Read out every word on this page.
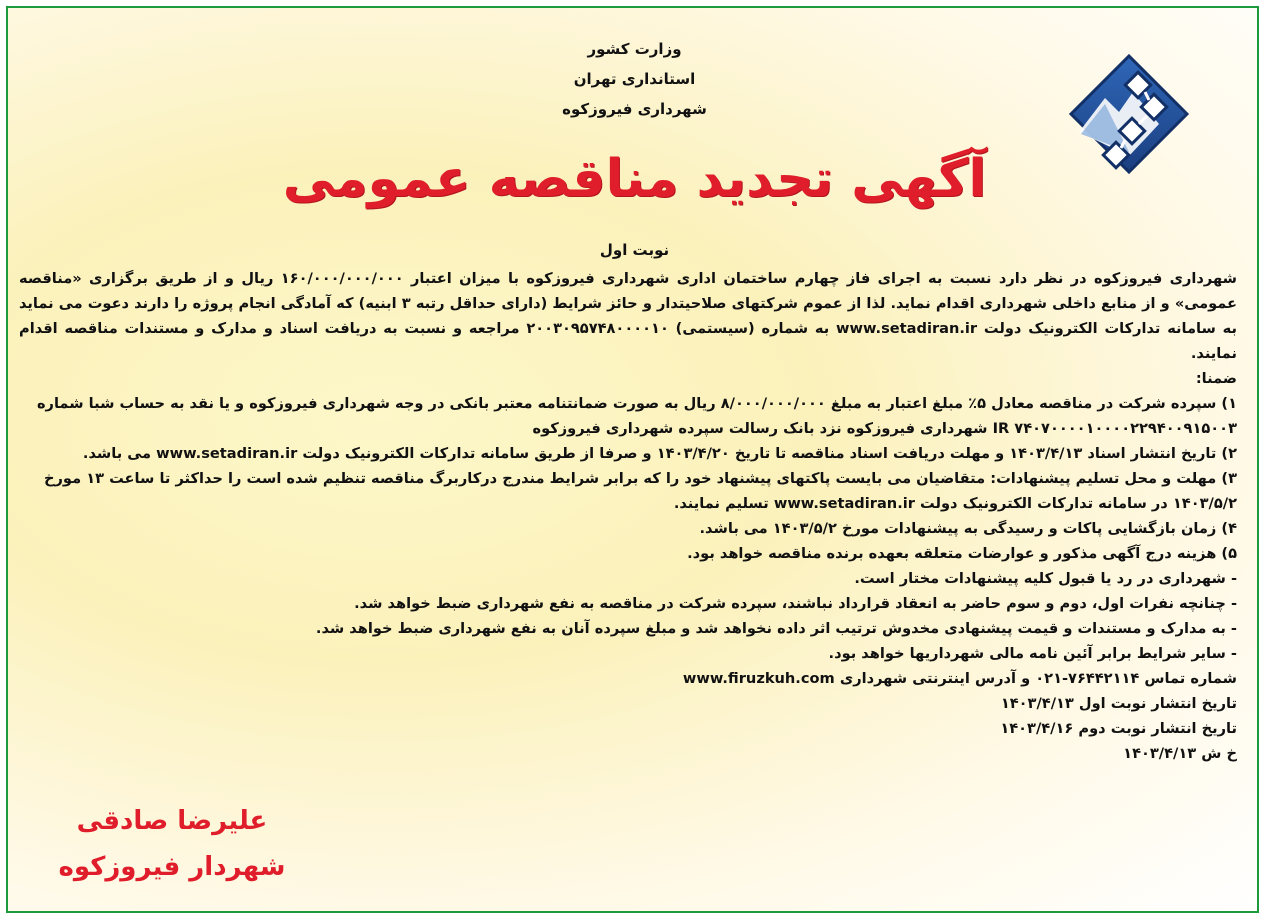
وزارت کشور
استانداری تهران
شهرداری فیروزکوه
آگهی تجدید مناقصه عمومی
نوبت اول

شهرداری فیروزکوه در نظر دارد نسبت به اجرای فاز چهارم ساختمان اداری شهرداری فیروزکوه با میزان اعتبار ۱۶۰/۰۰۰/۰۰۰/۰۰۰ ریال و از طریق برگزاری «مناقصه عمومی» و از منابع داخلی شهرداری اقدام نماید. لذا از عموم شرکتهای صلاحیتدار و حائز شرایط (دارای حداقل رتبه ۳ ابنیه) که آمادگی انجام پروژه را دارند دعوت می نماید به سامانه تدارکات الکترونیک دولت www.setadiran.ir به شماره (سیستمی) ۲۰۰۳۰۹۵۷۴۸۰۰۰۰۱۰ مراجعه و نسبت به دریافت اسناد و مدارک و مستندات مناقصه اقدام نمایند.

ضمنا:

۱) سپرده شرکت در مناقصه معادل ۵٪ مبلغ اعتبار به مبلغ ۸/۰۰۰/۰۰۰/۰۰۰ ریال به صورت ضمانتنامه معتبر بانکی در وجه شهرداری فیروزکوه و یا نقد به حساب شبا شماره IR ۷۴۰۷۰۰۰۰۱۰۰۰۰۲۲۹۴۰۰۹۱۵۰۰۳ شهرداری فیروزکوه نزد بانک رسالت سپرده شهرداری فیروزکوه

۲) تاریخ انتشار اسناد ۱۴۰۳/۴/۱۳ و مهلت دریافت اسناد مناقصه تا تاریخ ۱۴۰۳/۴/۲۰ و صرفا از طریق سامانه تدارکات الکترونیک دولت www.setadiran.ir می باشد.

۳) مهلت و محل تسلیم پیشنهادات: متقاضیان می بایست پاکتهای پیشنهاد خود را که برابر شرایط مندرج درکاربرگ مناقصه تنظیم شده است را حداکثر تا ساعت ۱۳ مورخ ۱۴۰۳/۵/۲ در سامانه تدارکات الکترونیک دولت www.setadiran.ir تسلیم نمایند.

۴) زمان بازگشایی پاکات و رسیدگی به پیشنهادات مورخ ۱۴۰۳/۵/۲ می باشد.

۵) هزینه درج آگهی مذکور و عوارضات متعلقه بعهده برنده مناقصه خواهد بود.

- شهرداری در رد یا قبول کلیه پیشنهادات مختار است.

- چنانچه نفرات اول، دوم و سوم حاضر به انعقاد قرارداد نباشند، سپرده شرکت در مناقصه به نفع شهرداری ضبط خواهد شد.

- به مدارک و مستندات و قیمت پیشنهادی مخدوش ترتیب اثر داده نخواهد شد و مبلغ سپرده آنان به نفع شهرداری ضبط خواهد شد.

- سایر شرایط برابر آئین نامه مالی شهرداریها خواهد بود.

شماره تماس ۷۶۴۴۲۱۱۴-۰۲۱ و آدرس اینترنتی شهرداری www.firuzkuh.com

تاریخ انتشار نوبت اول ۱۴۰۳/۴/۱۳

تاریخ انتشار نوبت دوم ۱۴۰۳/۴/۱۶

خ ش ۱۴۰۳/۴/۱۳

علیرضا صادقی
شهردار فیروزکوه
